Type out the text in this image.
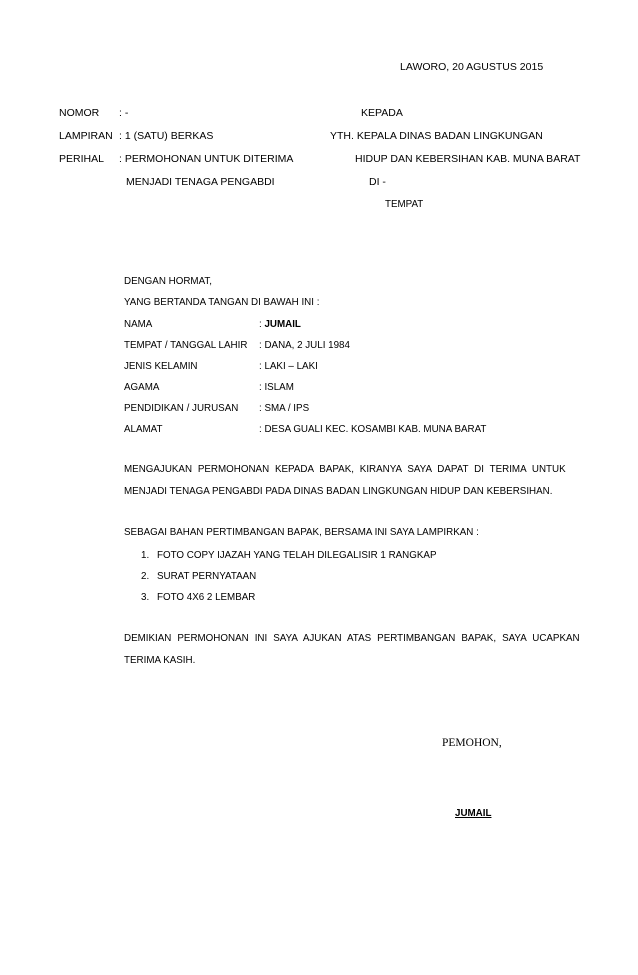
LAWORO, 20 AGUSTUS 2015
NOMOR : -
LAMPIRAN : 1 (SATU) BERKAS
PERIHAL : PERMOHONAN UNTUK DITERIMA
MENJADI TENAGA PENGABDI
KEPADA
YTH. KEPALA DINAS BADAN LINGKUNGAN
HIDUP DAN KEBERSIHAN KAB. MUNA BARAT
DI -
TEMPAT
DENGAN HORMAT,
YANG BERTANDA TANGAN DI BAWAH INI :
NAMA	: JUMAIL
TEMPAT / TANGGAL LAHIR : DANA, 2 JULI 1984
JENIS KELAMIN	: LAKI – LAKI
AGAMA	: ISLAM
PENDIDIKAN / JURUSAN : SMA / IPS
ALAMAT	: DESA GUALI KEC. KOSAMBI KAB. MUNA BARAT
MENGAJUKAN PERMOHONAN KEPADA BAPAK, KIRANYA SAYA DAPAT DI TERIMA UNTUK
MENJADI TENAGA PENGABDI PADA DINAS BADAN LINGKUNGAN HIDUP DAN KEBERSIHAN.
SEBAGAI BAHAN PERTIMBANGAN BAPAK, BERSAMA INI SAYA LAMPIRKAN :
1. FOTO COPY IJAZAH YANG TELAH DILEGALISIR 1 RANGKAP
2. SURAT PERNYATAAN
3. FOTO 4X6 2 LEMBAR
DEMIKIAN PERMOHONAN INI SAYA AJUKAN ATAS PERTIMBANGAN BAPAK, SAYA UCAPKAN
TERIMA KASIH.
PEMOHON,
JUMAIL
